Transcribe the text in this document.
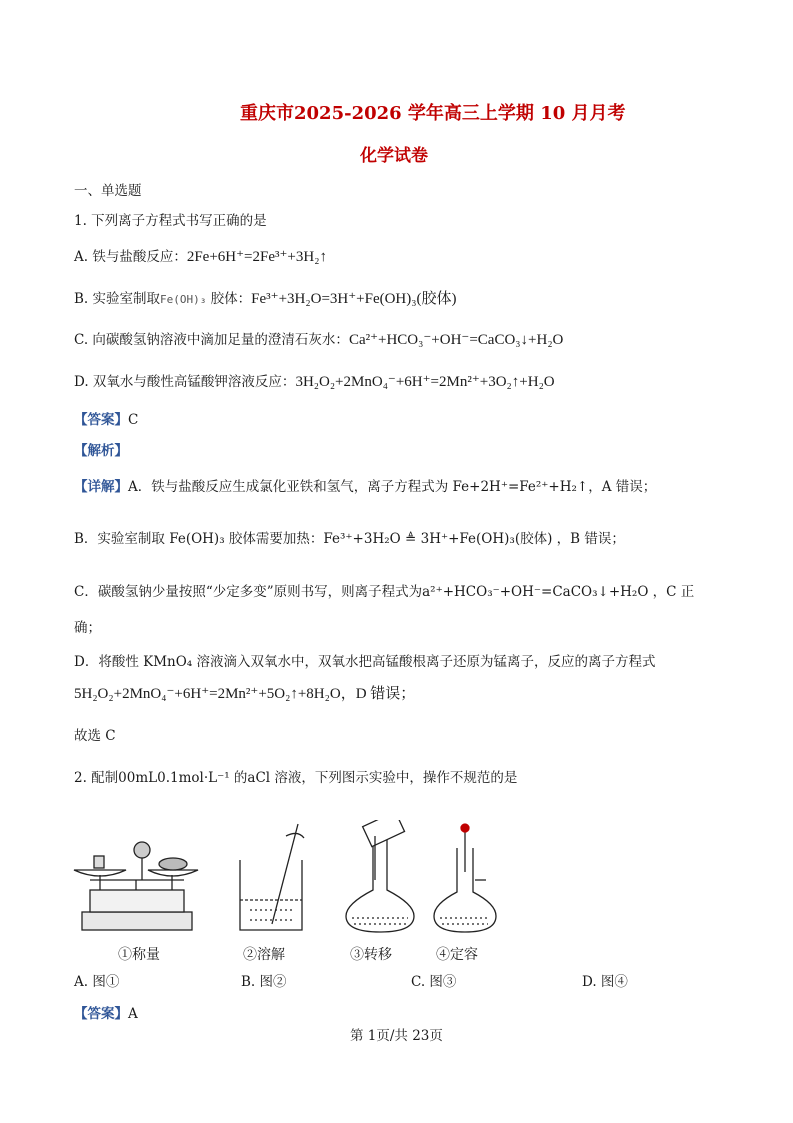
重庆市2025-2026 学年高三上学期 10 月月考
化学试卷
一、单选题
1. 下列离子方程式书写正确的是
A. 铁与盐酸反应：2Fe+6H⁺=2Fe³⁺+3H₂↑
B. 实验室制取Fe(OH)₃ 胶体：Fe³⁺+3H₂O=3H⁺+Fe(OH)₃(胶体)
C. 向碳酸氢钠溶液中滴加足量的澄清石灰水：Ca²⁺+HCO₃⁻+OH⁻=CaCO₃↓+H₂O
D. 双氧水与酸性高锰酸钾溶液反应：3H₂O₂+2MnO₄⁻+6H⁺=2Mn²⁺+3O₂↑+H₂O
【答案】C
【解析】
【详解】A．铁与盐酸反应生成氯化亚铁和氢气，离子方程式为 Fe+2H⁺=Fe²⁺+H₂↑，A 错误；
B．实验室制取 Fe(OH)₃ 胶体需要加热：Fe³⁺+3H₂O ≜ 3H⁺+Fe(OH)₃(胶体) ，B 错误；
C．碳酸氢钠少量按照“少定多变”原则书写，则离子程式为a²⁺+HCO₃⁻+OH⁻=CaCO₃↓+H₂O ，C 正
确；
D．将酸性 KMnO₄ 溶液滴入双氧水中，双氧水把高锰酸根离子还原为锰离子，反应的离子方程式
5H₂O₂+2MnO₄⁻+6H⁺=2Mn²⁺+5O₂↑+8H₂O，D 错误；
故选 C
2. 配制00mL0.1mol·L⁻¹ 的aCl 溶液，下列图示实验中，操作不规范的是
①称量	②溶解	③转移	④定容
A. 图①	B. 图②	C. 图③	D. 图④
【答案】A
第 1页/共 23页
